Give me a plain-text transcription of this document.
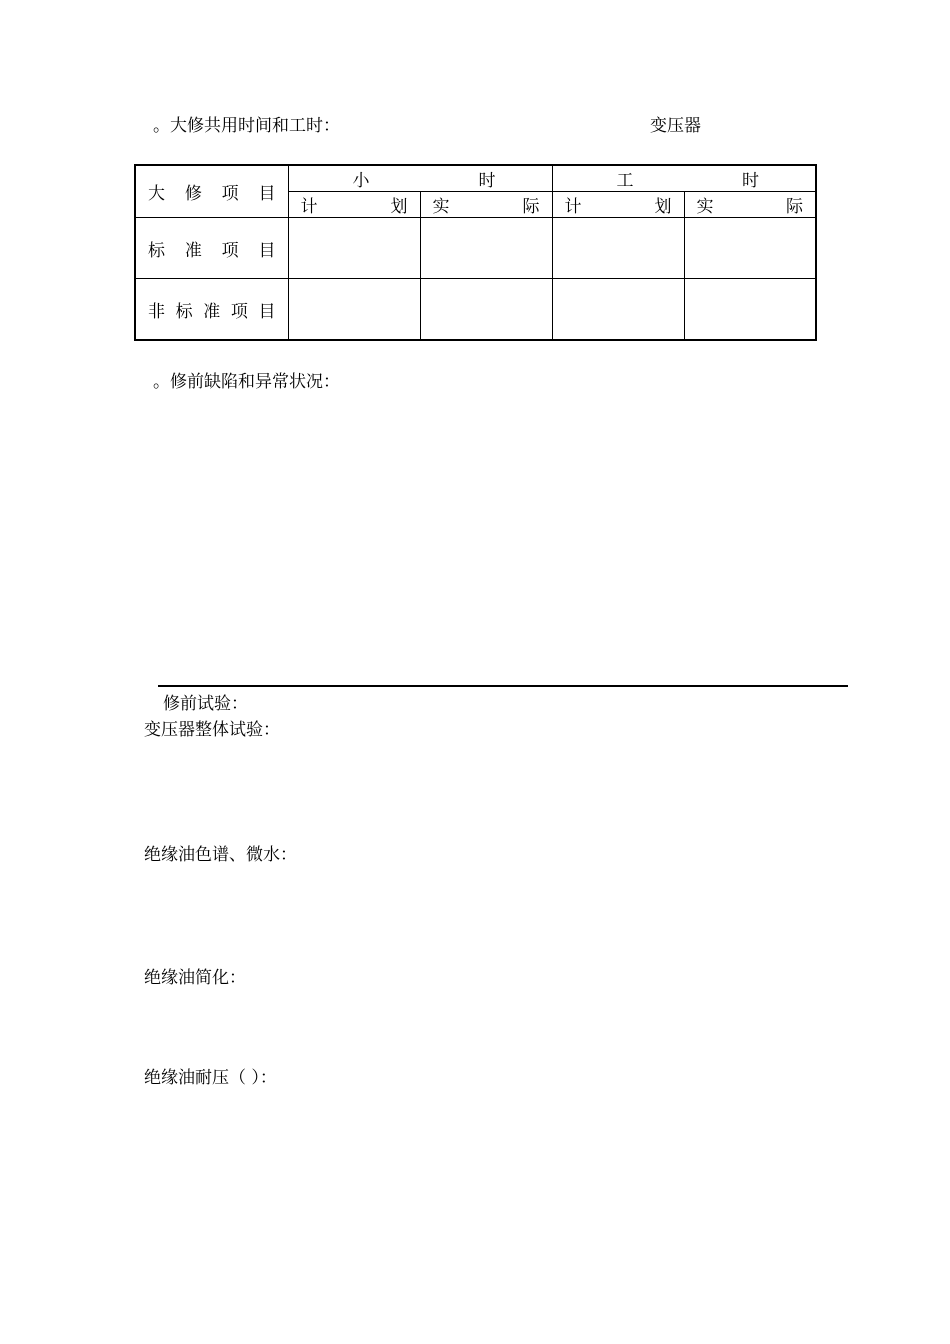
。大修共用时间和工时：	变压器
大 修 项 目	小 时		工 时	

	计 划	实 际	计 划	实 际

标 准 项 目				

非 标 准 项 目				

。修前缺陷和异常状况：
修前试验：
变压器整体试验：
绝缘油色谱、微水：
绝缘油简化：
绝缘油耐压（ ）：
